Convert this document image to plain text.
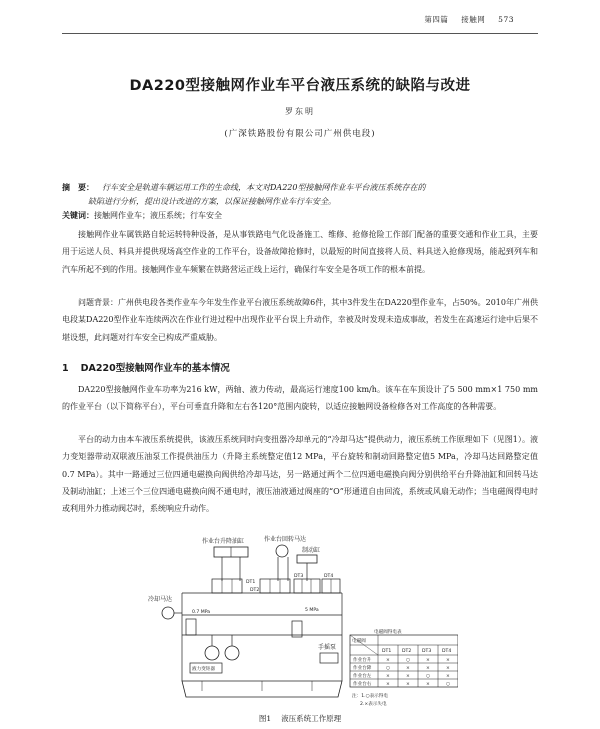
第四篇 接触网 573
DA220型接触网作业车平台液压系统的缺陷与改进
罗东明
(广深铁路股份有限公司广州供电段)
摘　要： 行车安全是轨道车辆运用工作的生命线，本文对DA220型接触网作业车平台液压系统存在的
缺陷进行分析，提出设计改进的方案，以保证接触网作业车行车安全。
关键词：接触网作业车；液压系统；行车安全

接触网作业车属铁路自轮运转特种设备，是从事铁路电气化设备施工、维修、抢修抢险工作部门配备的重要交通和作业工具，主要用于运送人员、料具并提供现场高空作业的工作平台，设备故障抢修时，以最短的时间直接将人员、料具送入抢修现场，能起到列车和汽车所起不到的作用。接触网作业车频繁在铁路营运正线上运行，确保行车安全是各项工作的根本前提。

问题背景：广州供电段各类作业车今年发生作业平台液压系统故障6件，其中3件发生在DA220型作业车，占50%。2010年广州供电段某DA220型作业车连续两次在作业行进过程中出现作业平台误上升动作，幸被及时发现未造成事故，若发生在高速运行途中后果不堪设想，此问题对行车安全已构成严重威胁。

1 DA220型接触网作业车的基本情况

DA220型接触网作业车功率为216 kW，两轴、液力传动，最高运行速度100 km/h。该车在车顶设计了5 500 mm×1 750 mm的作业平台（以下简称平台），平台可垂直升降和左右各120°范围内旋转，以适应接触网设备检修各对工作高度的各种需要。

平台的动力由本车液压系统提供，该液压系统同时向变扭器冷却单元的“冷却马达”提供动力，液压系统工作原理如下（见图1）。液力变矩器带动双联液压油泵工作提供油压力（升降主系统整定值12 MPa，平台旋转和制动回路整定值5 MPa，冷却马达回路整定值0.7 MPa）。其中一路通过三位四通电磁换向阀供给冷却马达，另一路通过两个二位四通电磁换向阀分别供给平台升降油缸和回转马达及制动油缸；上述三个三位四通电磁换向阀不通电时，液压油液通过阀座的“O”形通道自由回流，系统或风扇无动作；当电磁阀得电时或利用外力推动阀芯时，系统响应升动作。

作业台升降油缸	作业台回转马达
制动缸
DT1
DT2
DT3	DT4
冷却马达
0.7 MPa	5 MPa
手摇泵
液力变矩器
电磁阀得电表
电磁阀
DT1 DT2 DT3 DT4
作业台升	×	○	×	×
作业台降	○	×	×	×
作业台左	×	×	○	×
作业台右	×	×	×	○
注：1.○表示得电
2.×表示失电
图1 液压系统工作原理
